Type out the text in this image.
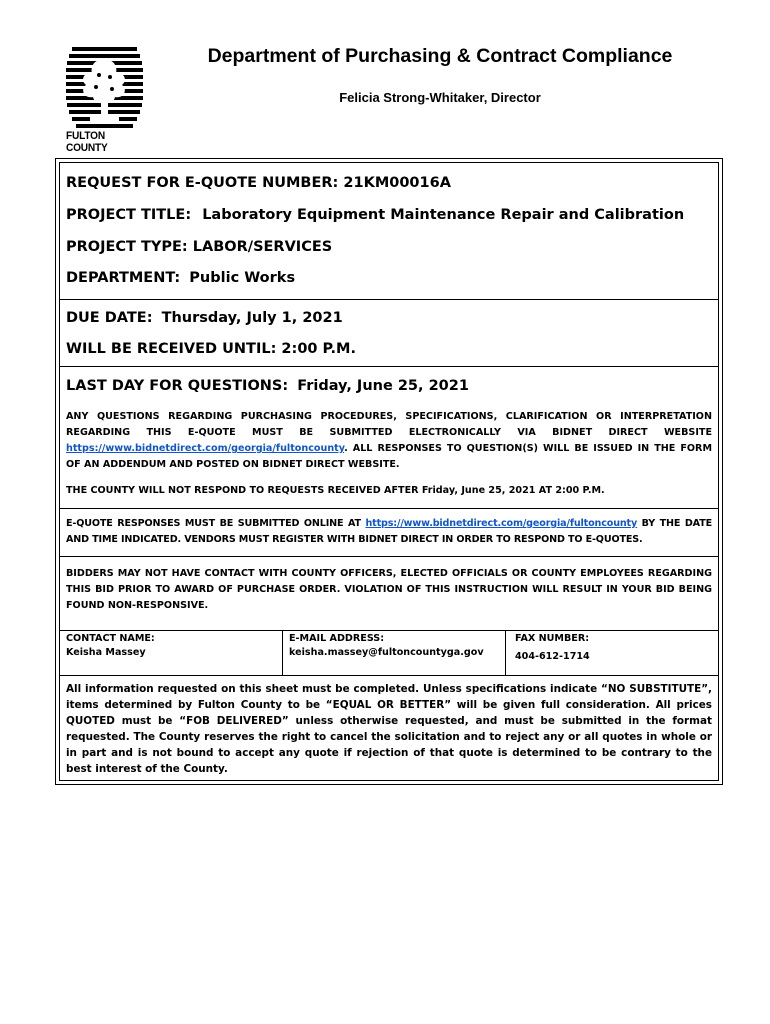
FULTON COUNTY
Department of Purchasing & Contract Compliance
Felicia Strong-Whitaker, Director
REQUEST FOR E-QUOTE NUMBER: 21KM00016A
PROJECT TITLE: Laboratory Equipment Maintenance Repair and Calibration
PROJECT TYPE: LABOR/SERVICES
DEPARTMENT: Public Works
DUE DATE: Thursday, July 1, 2021
WILL BE RECEIVED UNTIL: 2:00 P.M.
LAST DAY FOR QUESTIONS: Friday, June 25, 2021
ANY QUESTIONS REGARDING PURCHASING PROCEDURES, SPECIFICATIONS, CLARIFICATION OR INTERPRETATION REGARDING THIS E-QUOTE MUST BE SUBMITTED ELECTRONICALLY VIA BIDNET DIRECT WEBSITE https://www.bidnetdirect.com/georgia/fultoncounty. ALL RESPONSES TO QUESTION(S) WILL BE ISSUED IN THE FORM OF AN ADDENDUM AND POSTED ON BIDNET DIRECT WEBSITE.
THE COUNTY WILL NOT RESPOND TO REQUESTS RECEIVED AFTER Friday, June 25, 2021 AT 2:00 P.M.
E-QUOTE RESPONSES MUST BE SUBMITTED ONLINE AT https://www.bidnetdirect.com/georgia/fultoncounty BY THE DATE AND TIME INDICATED. VENDORS MUST REGISTER WITH BIDNET DIRECT IN ORDER TO RESPOND TO E-QUOTES.
BIDDERS MAY NOT HAVE CONTACT WITH COUNTY OFFICERS, ELECTED OFFICIALS OR COUNTY EMPLOYEES REGARDING THIS BID PRIOR TO AWARD OF PURCHASE ORDER. VIOLATION OF THIS INSTRUCTION WILL RESULT IN YOUR BID BEING FOUND NON-RESPONSIVE.
CONTACT NAME:
Keisha Massey
E-MAIL ADDRESS:
keisha.massey@fultoncountyga.gov
FAX NUMBER:
404-612-1714
All information requested on this sheet must be completed. Unless specifications indicate “NO SUBSTITUTE”, items determined by Fulton County to be “EQUAL OR BETTER” will be given full consideration. All prices QUOTED must be “FOB DELIVERED” unless otherwise requested, and must be submitted in the format requested. The County reserves the right to cancel the solicitation and to reject any or all quotes in whole or in part and is not bound to accept any quote if rejection of that quote is determined to be contrary to the best interest of the County.
